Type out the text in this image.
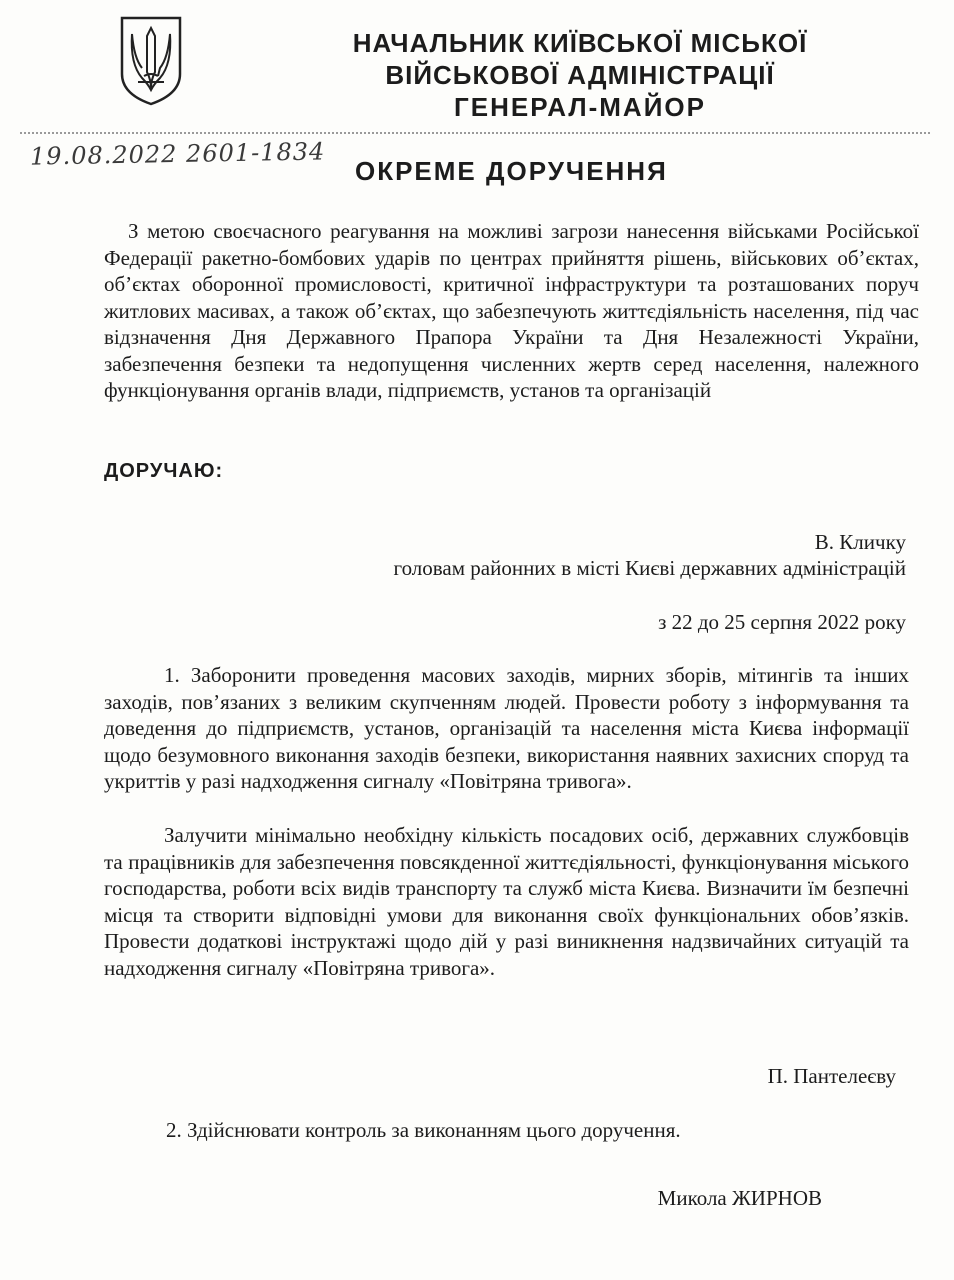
НАЧАЛЬНИК КИЇВСЬКОЇ МІСЬКОЇ
ВІЙСЬКОВОЇ АДМІНІСТРАЦІЇ
ГЕНЕРАЛ-МАЙОР
19.08.2022 2601-1834
ОКРЕМЕ ДОРУЧЕННЯ
З метою своєчасного реагування на можливі загрози нанесення військами Російської Федерації ракетно-бомбових ударів по центрах прийняття рішень, військових об’єктах, об’єктах оборонної промисловості, критичної інфраструктури та розташованих поруч житлових масивах, а також об’єктах, що забезпечують життєдіяльність населення, під час відзначення Дня Державного Прапора України та Дня Незалежності України, забезпечення безпеки та недопущення численних жертв серед населення, належного функціонування органів влади, підприємств, установ та організацій
ДОРУЧАЮ:
В. Кличку
головам районних в місті Києві державних адміністрацій
з 22 до 25 серпня 2022 року
1. Заборонити проведення масових заходів, мирних зборів, мітингів та інших заходів, пов’язаних з великим скупченням людей. Провести роботу з інформування та доведення до підприємств, установ, організацій та населення міста Києва інформації щодо безумовного виконання заходів безпеки, використання наявних захисних споруд та укриттів у разі надходження сигналу «Повітряна тривога».
Залучити мінімально необхідну кількість посадових осіб, державних службовців та працівників для забезпечення повсякденної життєдіяльності, функціонування міського господарства, роботи всіх видів транспорту та служб міста Києва. Визначити їм безпечні місця та створити відповідні умови для виконання своїх функціональних обов’язків. Провести додаткові інструктажі щодо дій у разі виникнення надзвичайних ситуацій та надходження сигналу «Повітряна тривога».
П. Пантелеєву
2. Здійснювати контроль за виконанням цього доручення.
Микола ЖИРНОВ
